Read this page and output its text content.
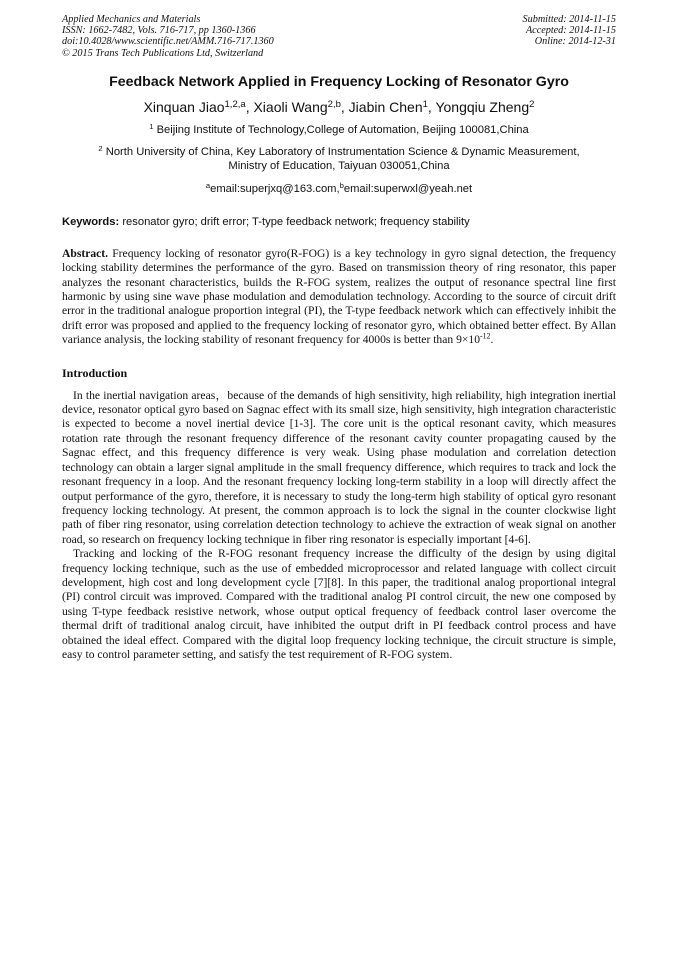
Applied Mechanics and Materials
ISSN: 1662-7482, Vols. 716-717, pp 1360-1366
doi:10.4028/www.scientific.net/AMM.716-717.1360
© 2015 Trans Tech Publications Ltd, Switzerland
Submitted: 2014-11-15
Accepted: 2014-11-15
Online: 2014-12-31
Feedback Network Applied in Frequency Locking of Resonator Gyro
Xinquan Jiao$^{1,2,a}$, Xiaoli Wang$^{2,b}$, Jiabin Chen$^1$, Yongqiu Zheng$^2$
$^1$ Beijing Institute of Technology,College of Automation, Beijing 100081,China
$^2$ North University of China, Key Laboratory of Instrumentation Science & Dynamic Measurement,
Ministry of Education, Taiyuan 030051,China
$^a$email:superjxq@163.com,$^b$email:superwxl@yeah.net
Keywords: resonator gyro; drift error; T-type feedback network; frequency stability
Abstract. Frequency locking of resonator gyro(R-FOG) is a key technology in gyro signal detection, the frequency locking stability determines the performance of the gyro. Based on transmission theory of ring resonator, this paper analyzes the resonant characteristics, builds the R-FOG system, realizes the output of resonance spectral line first harmonic by using sine wave phase modulation and demodulation technology. According to the source of circuit drift error in the traditional analogue proportion integral (PI), the T-type feedback network which can effectively inhibit the drift error was proposed and applied to the frequency locking of resonator gyro, which obtained better effect. By Allan variance analysis, the locking stability of resonant frequency for 4000s is better than $9\times 10^{-12}$.
Introduction

In the inertial navigation areas，because of the demands of high sensitivity, high reliability, high integration inertial device, resonator optical gyro based on Sagnac effect with its small size, high sensitivity, high integration characteristic is expected to become a novel inertial device [1-3]. The core unit is the optical resonant cavity, which measures rotation rate through the resonant frequency difference of the resonant cavity counter propagating caused by the Sagnac effect, and this frequency difference is very weak. Using phase modulation and correlation detection technology can obtain a larger signal amplitude in the small frequency difference, which requires to track and lock the resonant frequency in a loop. And the resonant frequency locking long-term stability in a loop will directly affect the output performance of the gyro, therefore, it is necessary to study the long-term high stability of optical gyro resonant frequency locking technology. At present, the common approach is to lock the signal in the counter clockwise light path of fiber ring resonator, using correlation detection technology to achieve the extraction of weak signal on another road, so research on frequency locking technique in fiber ring resonator is especially important [4-6].

Tracking and locking of the R-FOG resonant frequency increase the difficulty of the design by using digital frequency locking technique, such as the use of embedded microprocessor and related language with collect circuit development, high cost and long development cycle [7][8]. In this paper, the traditional analog proportional integral (PI) control circuit was improved. Compared with the traditional analog PI control circuit, the new one composed by using T-type feedback resistive network, whose output optical frequency of feedback control laser overcome the thermal drift of traditional analog circuit, have inhibited the output drift in PI feedback control process and have obtained the ideal effect. Compared with the digital loop frequency locking technique, the circuit structure is simple, easy to control parameter setting, and satisfy the test requirement of R-FOG system.
